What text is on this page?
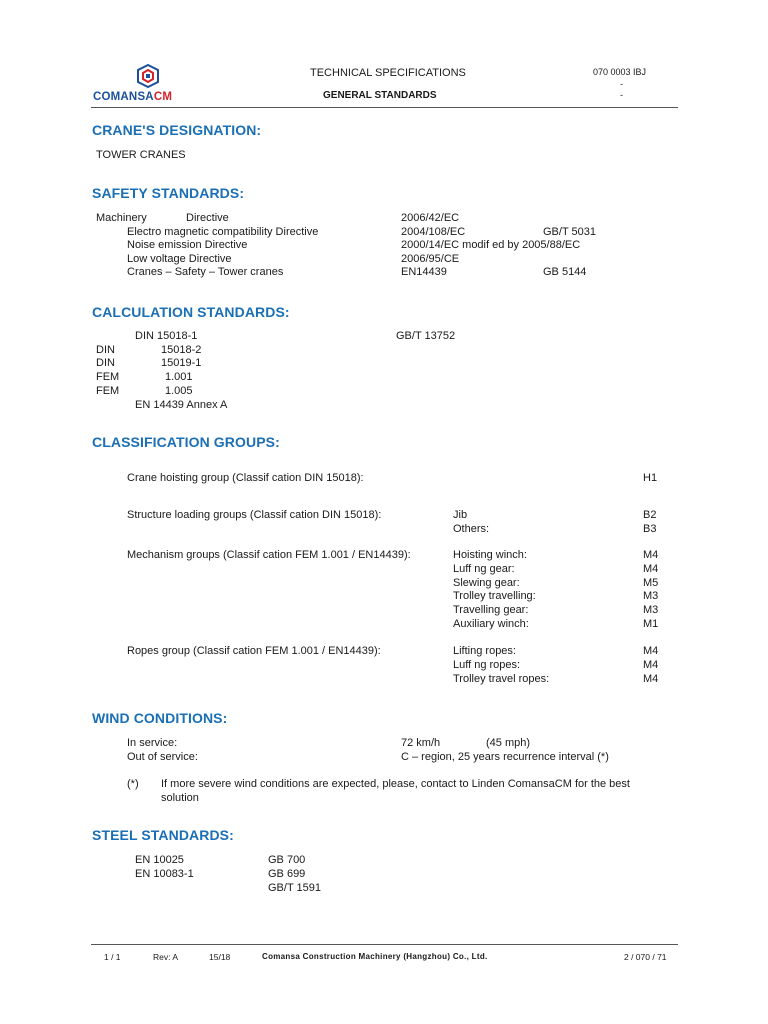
COMANSACM
TECHNICAL SPECIFICATIONS
GENERAL STANDARDS
070 0003 IBJ
-
-
CRANE'S DESIGNATION:
TOWER CRANES
SAFETY STANDARDS:
Machinery	Directive	2006/42/EC
Electro magnetic compatibility Directive	2004/108/EC	GB/T 5031
Noise emission Directive	2000/14/EC modif ed by 2005/88/EC
Low voltage Directive	2006/95/CE
Cranes – Safety – Tower cranes	EN14439	GB 5144
CALCULATION STANDARDS:
DIN 15018-1	GB/T 13752
DIN	15018-2
DIN	15019-1
FEM	1.001
FEM	1.005
EN 14439 Annex A
CLASSIFICATION GROUPS:
Crane hoisting group (Classif cation DIN 15018):	H1
Structure loading groups (Classif cation DIN 15018):	Jib	B2
Others:	B3
Mechanism groups (Classif cation FEM 1.001 / EN14439):	Hoisting winch:	M4
Luff ng gear:	M4
Slewing gear:	M5
Trolley travelling:	M3
Travelling gear:	M3
Auxiliary winch:	M1
Ropes group (Classif cation FEM 1.001 / EN14439):	Lifting ropes:	M4
Luff ng ropes:	M4
Trolley travel ropes:	M4
WIND CONDITIONS:
In service:	72 km/h	(45 mph)
Out of service:	C – region, 25 years recurrence interval (*)
(*) If more severe wind conditions are expected, please, contact to Linden ComansaCM for the best
solution
STEEL STANDARDS:
EN 10025	GB 700
EN 10083-1	GB 699
GB/T 1591
1 / 1	Rev: A	15/18	Comansa Construction Machinery (Hangzhou) Co., Ltd.	2 / 070 / 71
